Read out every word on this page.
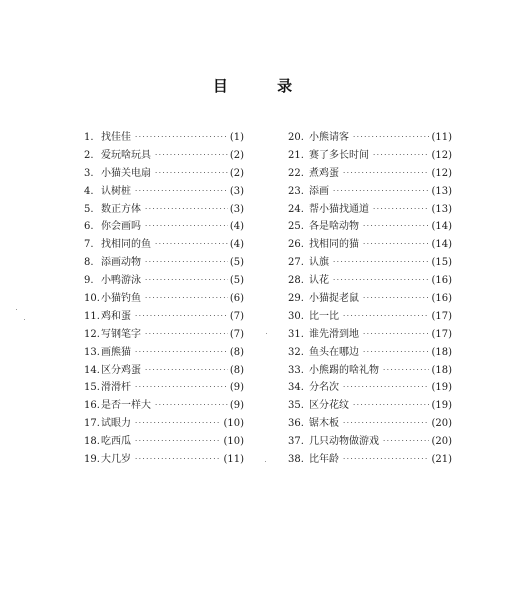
目 录
1. 找佳佳 ·····	(1)
2. 爱玩啥玩具 ·····	(2)
3. 小猫关电扇 ·····	(2)
4. 认树桩 ·····	(3)
5. 数正方体 ·····	(3)
6. 你会画吗 ·····	(4)
7. 找相同的鱼 ·····	(4)
8. 添画动物 ·····	(5)
9. 小鸭游泳 ·····	(5)
10. 小猫钓鱼 ·····	(6)
11. 鸡和蛋 ·····	(7)
12. 写钢笔字 ·····	(7)
13. 画熊猫 ·····	(8)
14. 区分鸡蛋 ·····	(8)
15. 滑滑杆 ·····	(9)
16. 是否一样大 ·····	(9)
17. 试眼力 ·····	(10)
18. 吃西瓜 ·····	(10)
19. 大几岁 ·····	(11)
20. 小熊请客 ·····	(11)
21. 赛了多长时间 ·····	(12)
22. 煮鸡蛋 ·····	(12)
23. 添画 ·····	(13)
24. 帮小猫找通道 ·····	(13)
25. 各是啥动物 ·····	(14)
26. 找相同的猫 ·····	(14)
27. 认旗 ·····	(15)
28. 认花 ·····	(16)
29. 小猫捉老鼠 ·····	(16)
30. 比一比 ·····	(17)
31. 谁先滑到地 ·····	(17)
32. 鱼头在哪边 ·····	(18)
33. 小熊踢的啥礼物 ·····	(18)
34. 分名次 ·····	(19)
35. 区分花纹 ·····	(19)
36. 锯木板 ·····	(20)
37. 几只动物做游戏 ·····	(20)
38. 比年龄 ·····	(21)
